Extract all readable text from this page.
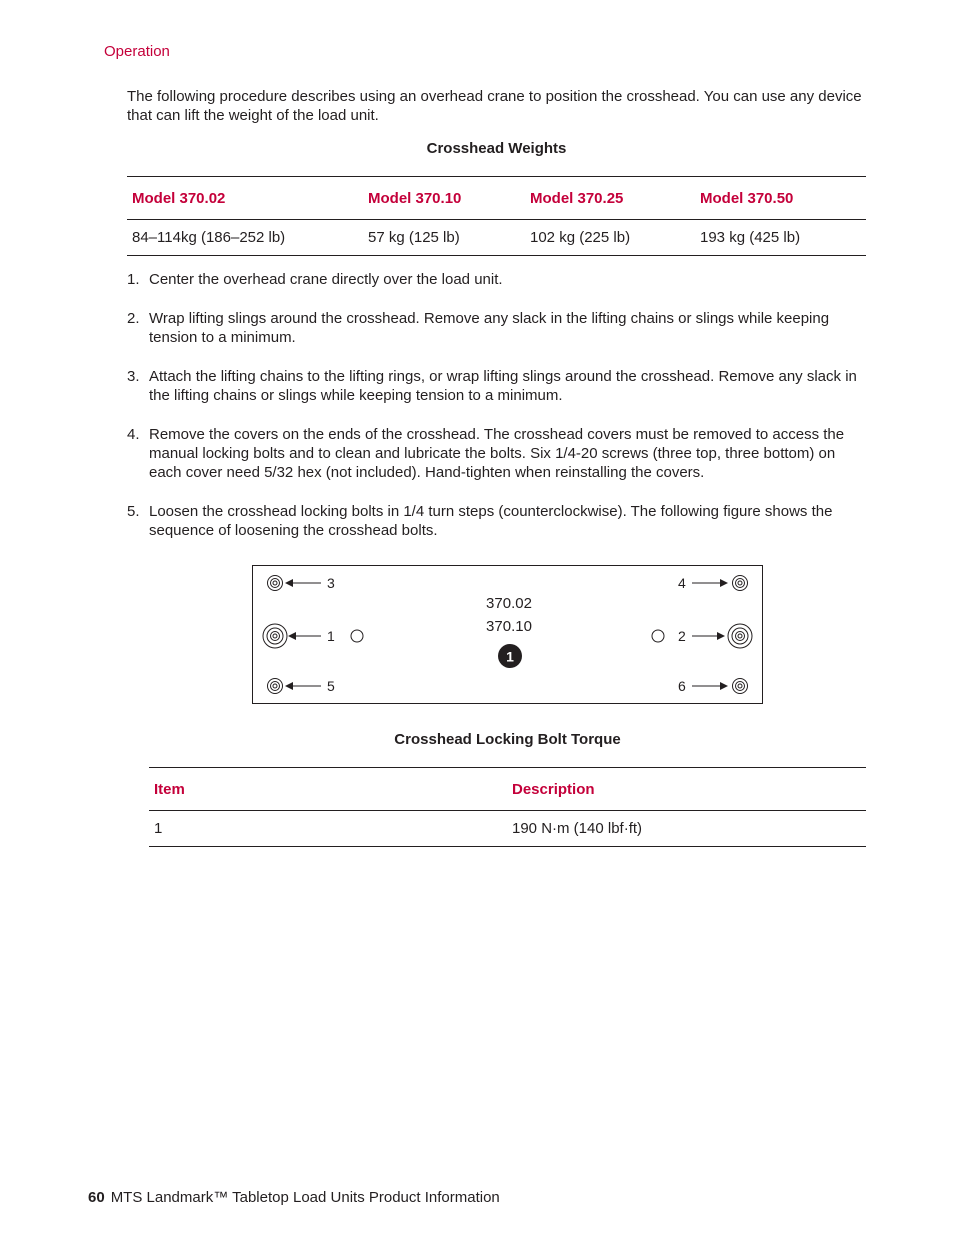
Operation
The following procedure describes using an overhead crane to position the crosshead. You can use any device that can lift the weight of the load unit.
Crosshead Weights
Model 370.02	Model 370.10	Model 370.25	Model 370.50
84–114kg (186–252 lb)	57 kg (125 lb)	102 kg (225 lb)	193 kg (425 lb)
1. Center the overhead crane directly over the load unit.
2. Wrap lifting slings around the crosshead. Remove any slack in the lifting chains or slings while keeping tension to a minimum.
3. Attach the lifting chains to the lifting rings, or wrap lifting slings around the crosshead. Remove any slack in the lifting chains or slings while keeping tension to a minimum.
4. Remove the covers on the ends of the crosshead. The crosshead covers must be removed to access the manual locking bolts and to clean and lubricate the bolts. Six 1/4-20 screws (three top, three bottom) on each cover need 5/32 hex (not included). Hand-tighten when reinstalling the covers.
5. Loosen the crosshead locking bolts in 1/4 turn steps (counterclockwise). The following figure shows the sequence of loosening the crosshead bolts.
3
1
5
4
2
6
370.02
370.10
1
Crosshead Locking Bolt Torque
Item	Description
1	190 N·m (140 lbf·ft)
60 MTS Landmark™ Tabletop Load Units Product Information
